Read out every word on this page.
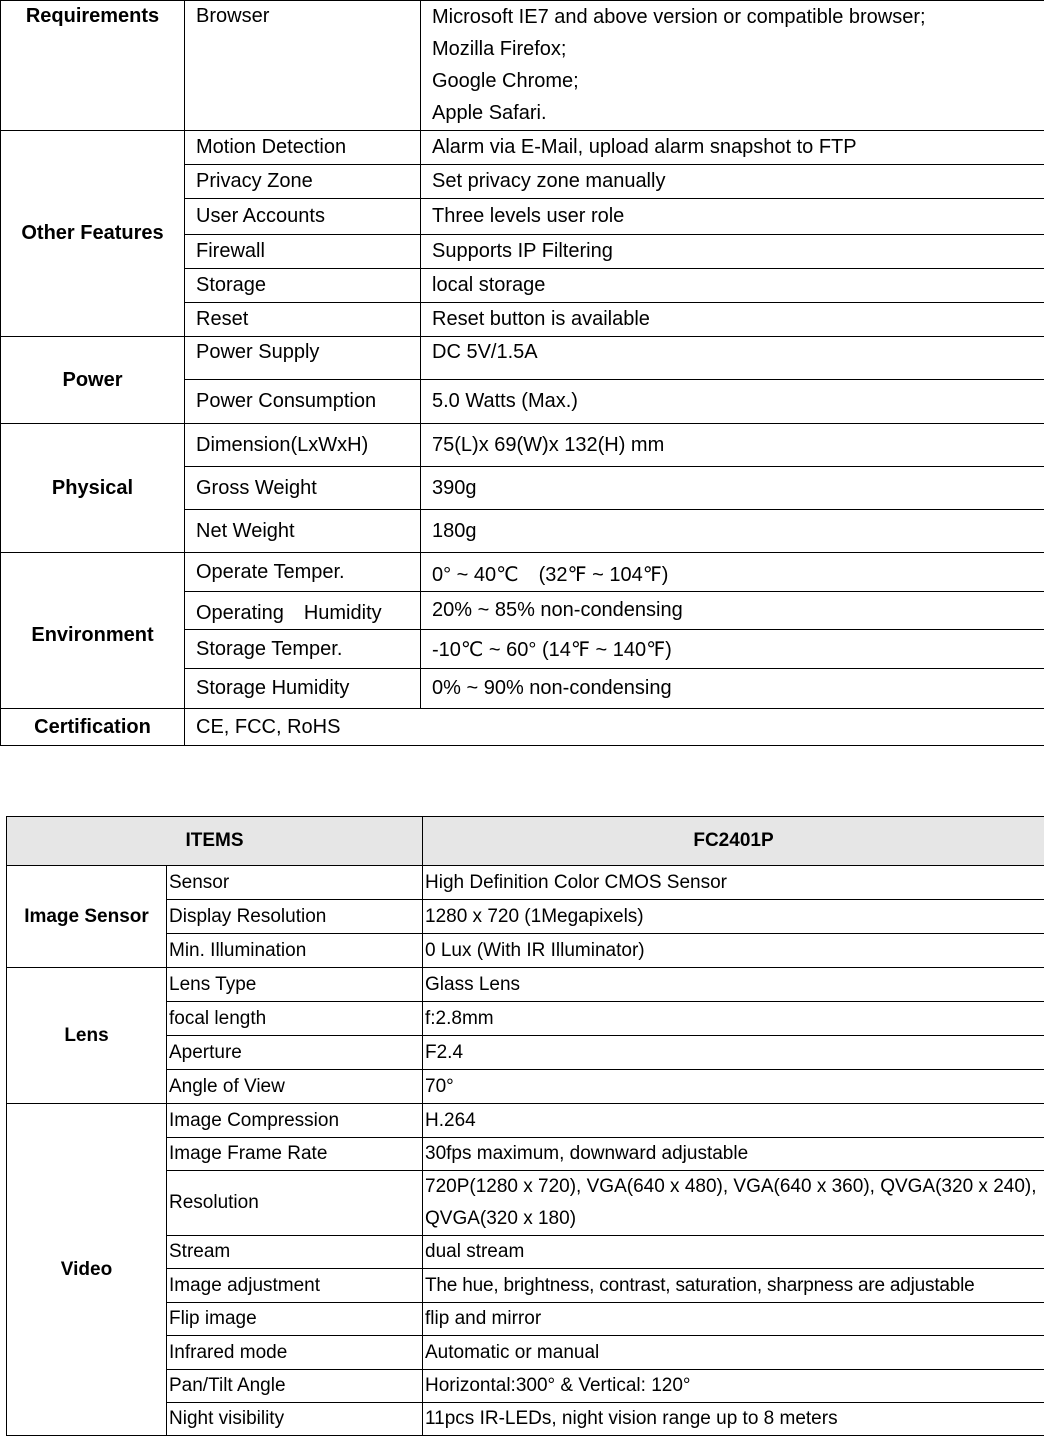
Requirements	Browser	Microsoft IE7 and above version or compatible browser;
Mozilla Firefox;
Google Chrome;
Apple Safari.

Other Features	Motion Detection	Alarm via E-Mail, upload alarm snapshot to FTP
	Privacy Zone	Set privacy zone manually
	User Accounts	Three levels user role
	Firewall	Supports IP Filtering
	Storage	local storage
	Reset	Reset button is available
Power	Power Supply	DC 5V/1.5A
	Power Consumption	5.0 Watts (Max.)
Physical	Dimension(LxWxH)	75(L)x 69(W)x 132(H) mm
	Gross Weight	390g
	Net Weight	180g
Environment	Operate Temper.	0° ~ 40℃　(32℉ ~ 104℉)
	Operating　Humidity	20% ~ 85% non-condensing
	Storage Temper.	-10℃ ~ 60° (14℉ ~ 140℉)
	Storage Humidity	0% ~ 90% non-condensing
Certification	CE, FCC, RoHS	
ITEMS		FC2401P
Image Sensor	Sensor	High Definition Color CMOS Sensor
	Display Resolution	1280 x 720 (1Megapixels)
	Min. Illumination	0 Lux (With IR Illuminator)
Lens	Lens Type	Glass Lens
	focal length	f:2.8mm
	Aperture	F2.4
	Angle of View	70°
Video	Image Compression	H.264
	Image Frame Rate	30fps maximum, downward adjustable
	Resolution	720P(1280 x 720), VGA(640 x 480), VGA(640 x 360), QVGA(320 x 240), QVGA(320 x 180)
	Stream	dual stream
	Image adjustment	The hue, brightness, contrast, saturation, sharpness are adjustable
	Flip image	flip and mirror
	Infrared mode	Automatic or manual
	Pan/Tilt Angle	Horizontal:300° & Vertical: 120°
	Night visibility	11pcs IR-LEDs, night vision range up to 8 meters
